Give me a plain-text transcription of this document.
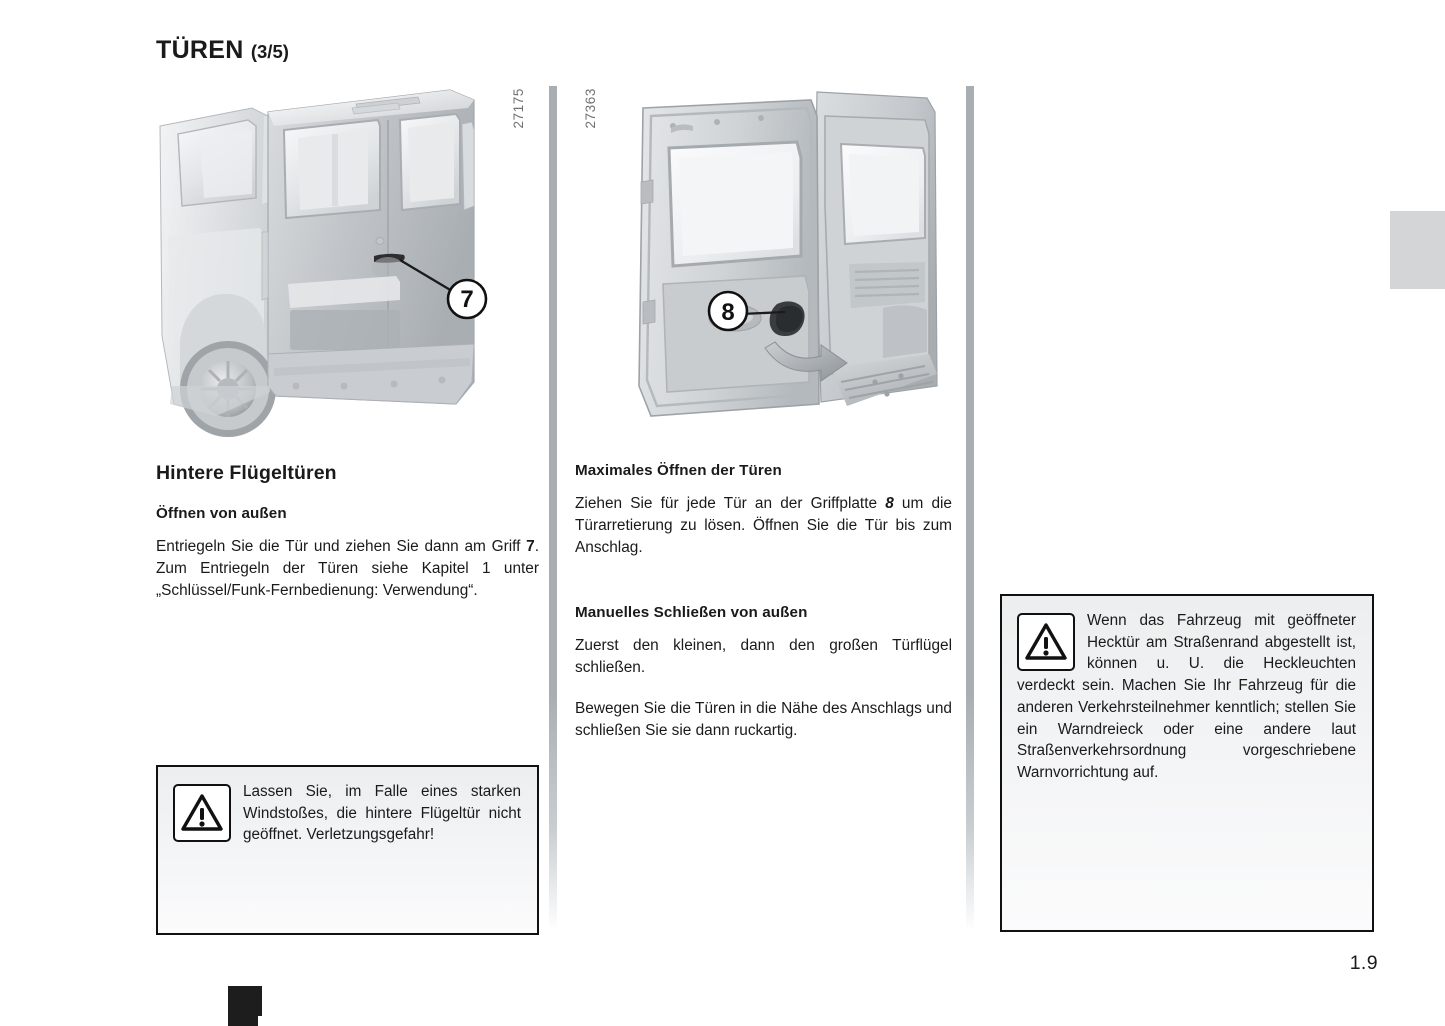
TÜREN (3/5)
7
27175
8
27363
Hintere Flügeltüren
Öffnen von außen

Entriegeln Sie die Tür und ziehen Sie dann am Griff 7. Zum Entriegeln der Türen siehe Kapitel 1 unter „Schlüssel/Funk-Fernbedienung: Verwendung“.

Maximales Öffnen der Türen

Ziehen Sie für jede Tür an der Griffplatte 8 um die Türarretierung zu lösen. Öffnen Sie die Tür bis zum Anschlag.

Manuelles Schließen von außen

Zuerst den kleinen, dann den großen Türflügel schließen.

Bewegen Sie die Türen in die Nähe des Anschlags und schließen Sie sie dann ruckartig.

Lassen Sie, im Falle eines starken Windstoßes, die hintere Flügeltür nicht geöffnet. Verletzungsgefahr!
Wenn das Fahrzeug mit geöffneter Hecktür am Straßenrand abgestellt ist, können u. U. die Heckleuchten verdeckt sein. Machen Sie Ihr Fahrzeug für die anderen Verkehrsteilnehmer kenntlich; stellen Sie ein Warndreieck oder eine andere laut Straßenverkehrsordnung vorgeschriebene Warnvorrichtung auf.
1.9
